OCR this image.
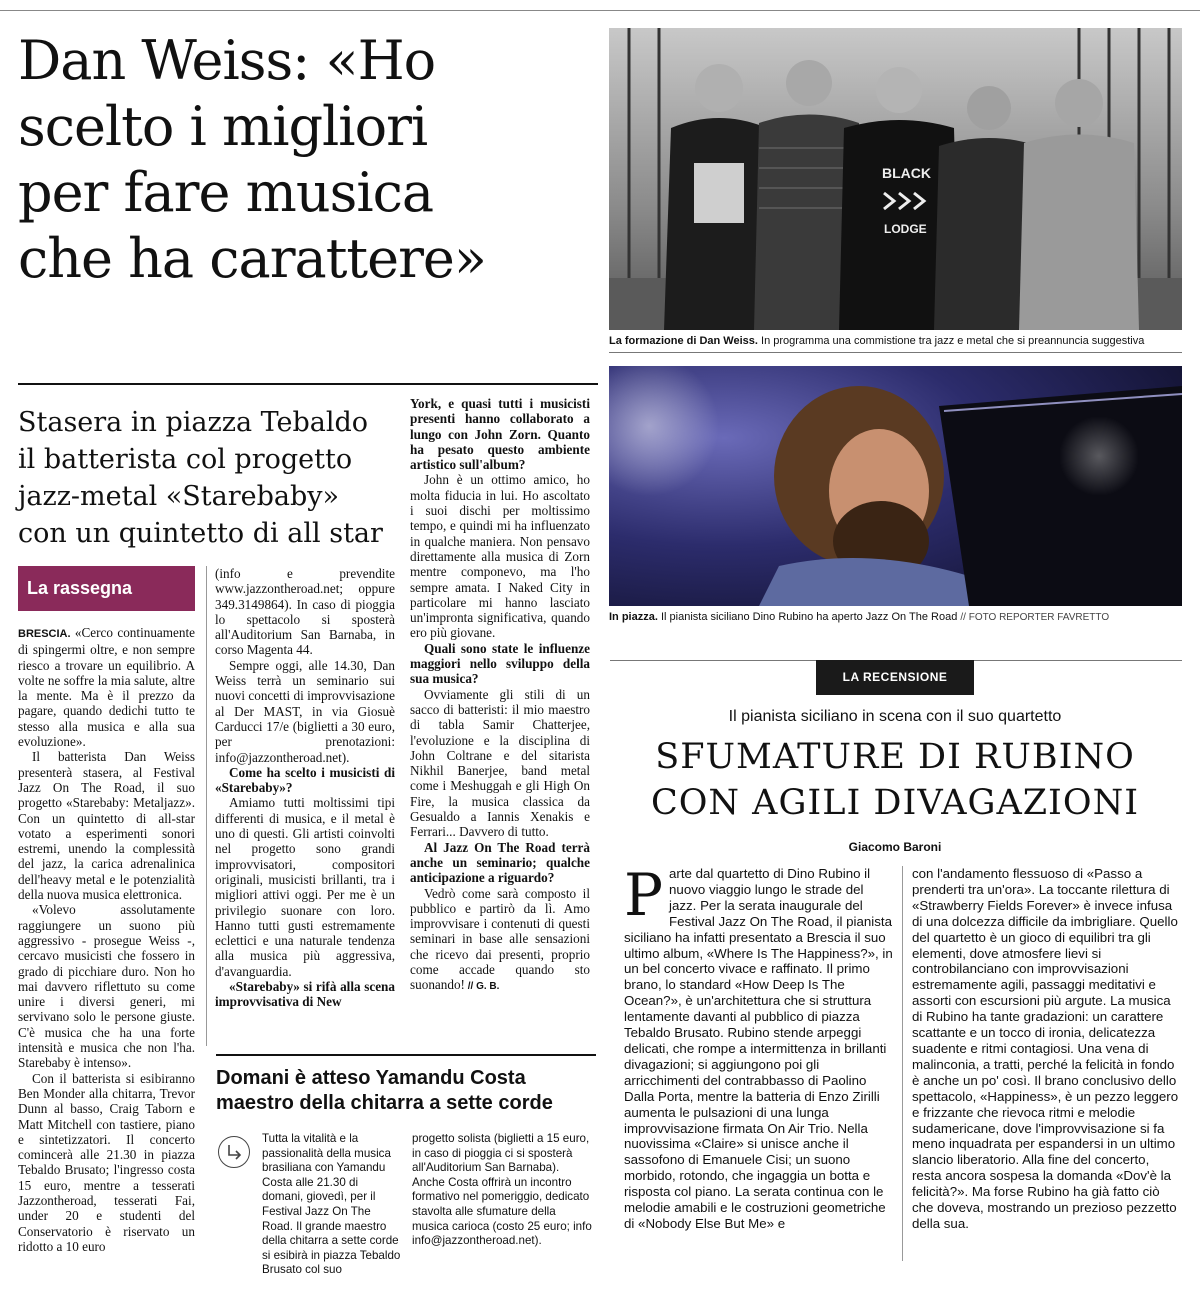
Dan Weiss: «Ho
scelto i migliori
per fare musica
che ha carattere»
BLACK
LODGE
La formazione di Dan Weiss. In programma una commistione tra jazz e metal che si preannuncia suggestiva
Stasera in piazza Tebaldo
il batterista col progetto
jazz-metal «Starebaby»
con un quintetto di all star
La rassegna

BRESCIA. «Cerco continuamente di spingermi oltre, e non sempre riesco a trovare un equilibrio. A volte ne soffre la mia salute, altre la mente. Ma è il prezzo da pagare, quando dedichi tutto te stesso alla musica e alla sua evoluzione».

Il batterista Dan Weiss presenterà stasera, al Festival Jazz On The Road, il suo progetto «Starebaby: Metaljazz». Con un quintetto di all-star votato a esperimenti sonori estremi, unendo la complessità del jazz, la carica adrenalinica dell'heavy metal e le potenzialità della nuova musica elettronica.

«Volevo assolutamente raggiungere un suono più aggressivo - prosegue Weiss -, cercavo musicisti che fossero in grado di picchiare duro. Non ho mai davvero riflettuto su come unire i diversi generi, mi servivano solo le persone giuste. C'è musica che ha una forte intensità e musica che non l'ha. Starebaby è intenso».

Con il batterista si esibiranno Ben Monder alla chitarra, Trevor Dunn al basso, Craig Taborn e Matt Mitchell con tastiere, piano e sintetizzatori. Il concerto comincerà alle 21.30 in piazza Tebaldo Brusato; l'ingresso costa 15 euro, mentre a tesserati Jazzontheroad, tesserati Fai, under 20 e studenti del Conservatorio è riservato un ridotto a 10 euro

(info e prevendite www.jazzontheroad.net; oppure 349.3149864). In caso di pioggia lo spettacolo si sposterà all'Auditorium San Barnaba, in corso Magenta 44.

Sempre oggi, alle 14.30, Dan Weiss terrà un seminario sui nuovi concetti di improvvisazione al Der MAST, in via Giosuè Carducci 17/e (biglietti a 30 euro, per prenotazioni: info@jazzontheroad.net).

Come ha scelto i musicisti di «Starebaby»?

Amiamo tutti moltissimi tipi differenti di musica, e il metal è uno di questi. Gli artisti coinvolti nel progetto sono grandi improvvisatori, compositori originali, musicisti brillanti, tra i migliori attivi oggi. Per me è un privilegio suonare con loro. Hanno tutti gusti estremamente eclettici e una naturale tendenza alla musica più aggressiva, d'avanguardia.

«Starebaby» si rifà alla scena improvvisativa di New

York, e quasi tutti i musicisti presenti hanno collaborato a lungo con John Zorn. Quanto ha pesato questo ambiente artistico sull'album?

John è un ottimo amico, ho molta fiducia in lui. Ho ascoltato i suoi dischi per moltissimo tempo, e quindi mi ha influenzato in qualche maniera. Non pensavo direttamente alla musica di Zorn mentre componevo, ma l'ho sempre amata. I Naked City in particolare mi hanno lasciato un'impronta significativa, quando ero più giovane.

Quali sono state le influenze maggiori nello sviluppo della sua musica?

Ovviamente gli stili di un sacco di batteristi: il mio maestro di tabla Samir Chatterjee, l'evoluzione e la disciplina di John Coltrane e del sitarista Nikhil Banerjee, band metal come i Meshuggah e gli High On Fire, la musica classica da Gesualdo a Iannis Xenakis e Ferrari... Davvero di tutto.

Al Jazz On The Road terrà anche un seminario; qualche anticipazione a riguardo?

Vedrò come sarà composto il pubblico e partirò da lì. Amo improvvisare i contenuti di questi seminari in base alle sensazioni che ricevo dai presenti, proprio come accade quando sto suonando! // G. B.

Domani è atteso Yamandu Costa
maestro della chitarra a sette corde
Tutta la vitalità e la passionalità della musica brasiliana con Yamandu Costa alle 21.30 di domani, giovedì, per il Festival Jazz On The Road. Il grande maestro della chitarra a sette corde si esibirà in piazza Tebaldo Brusato col suo
progetto solista (biglietti a 15 euro, in caso di pioggia ci si sposterà all'Auditorium San Barnaba). Anche Costa offrirà un incontro formativo nel pomeriggio, dedicato stavolta alle sfumature della musica carioca (costo 25 euro; info info@jazzontheroad.net).
In piazza. Il pianista siciliano Dino Rubino ha aperto Jazz On The Road // FOTO REPORTER FAVRETTO
LA RECENSIONE
Il pianista siciliano in scena con il suo quartetto
SFUMATURE DI RUBINO
CON AGILI DIVAGAZIONI
Giacomo Baroni
Parte dal quartetto di Dino Rubino il nuovo viaggio lungo le strade del jazz. Per la serata inaugurale del Festival Jazz On The Road, il pianista siciliano ha infatti presentato a Brescia il suo ultimo album, «Where Is The Happiness?», in un bel concerto vivace e raffinato. Il primo brano, lo standard «How Deep Is The Ocean?», è un'architettura che si struttura lentamente davanti al pubblico di piazza Tebaldo Brusato. Rubino stende arpeggi delicati, che rompe a intermittenza in brillanti divagazioni; si aggiungono poi gli arricchimenti del contrabbasso di Paolino Dalla Porta, mentre la batteria di Enzo Zirilli aumenta le pulsazioni di una lunga improvvisazione firmata On Air Trio. Nella nuovissima «Claire» si unisce anche il sassofono di Emanuele Cisi; un suono morbido, rotondo, che ingaggia un botta e risposta col piano. La serata continua con le melodie amabili e le costruzioni geometriche di «Nobody Else But Me» e
con l'andamento flessuoso di «Passo a prenderti tra un'ora». La toccante rilettura di «Strawberry Fields Forever» è invece infusa di una dolcezza difficile da imbrigliare. Quello del quartetto è un gioco di equilibri tra gli elementi, dove atmosfere lievi si controbilanciano con improvvisazioni estremamente agili, passaggi meditativi e assorti con escursioni più argute. La musica di Rubino ha tante gradazioni: un carattere scattante e un tocco di ironia, delicatezza suadente e ritmi contagiosi. Una vena di malinconia, a tratti, perché la felicità in fondo è anche un po' così. Il brano conclusivo dello spettacolo, «Happiness», è un pezzo leggero e frizzante che rievoca ritmi e melodie sudamericane, dove l'improvvisazione si fa meno inquadrata per espandersi in un ultimo slancio liberatorio. Alla fine del concerto, resta ancora sospesa la domanda «Dov'è la felicità?». Ma forse Rubino ha già fatto ciò che doveva, mostrando un prezioso pezzetto della sua.
